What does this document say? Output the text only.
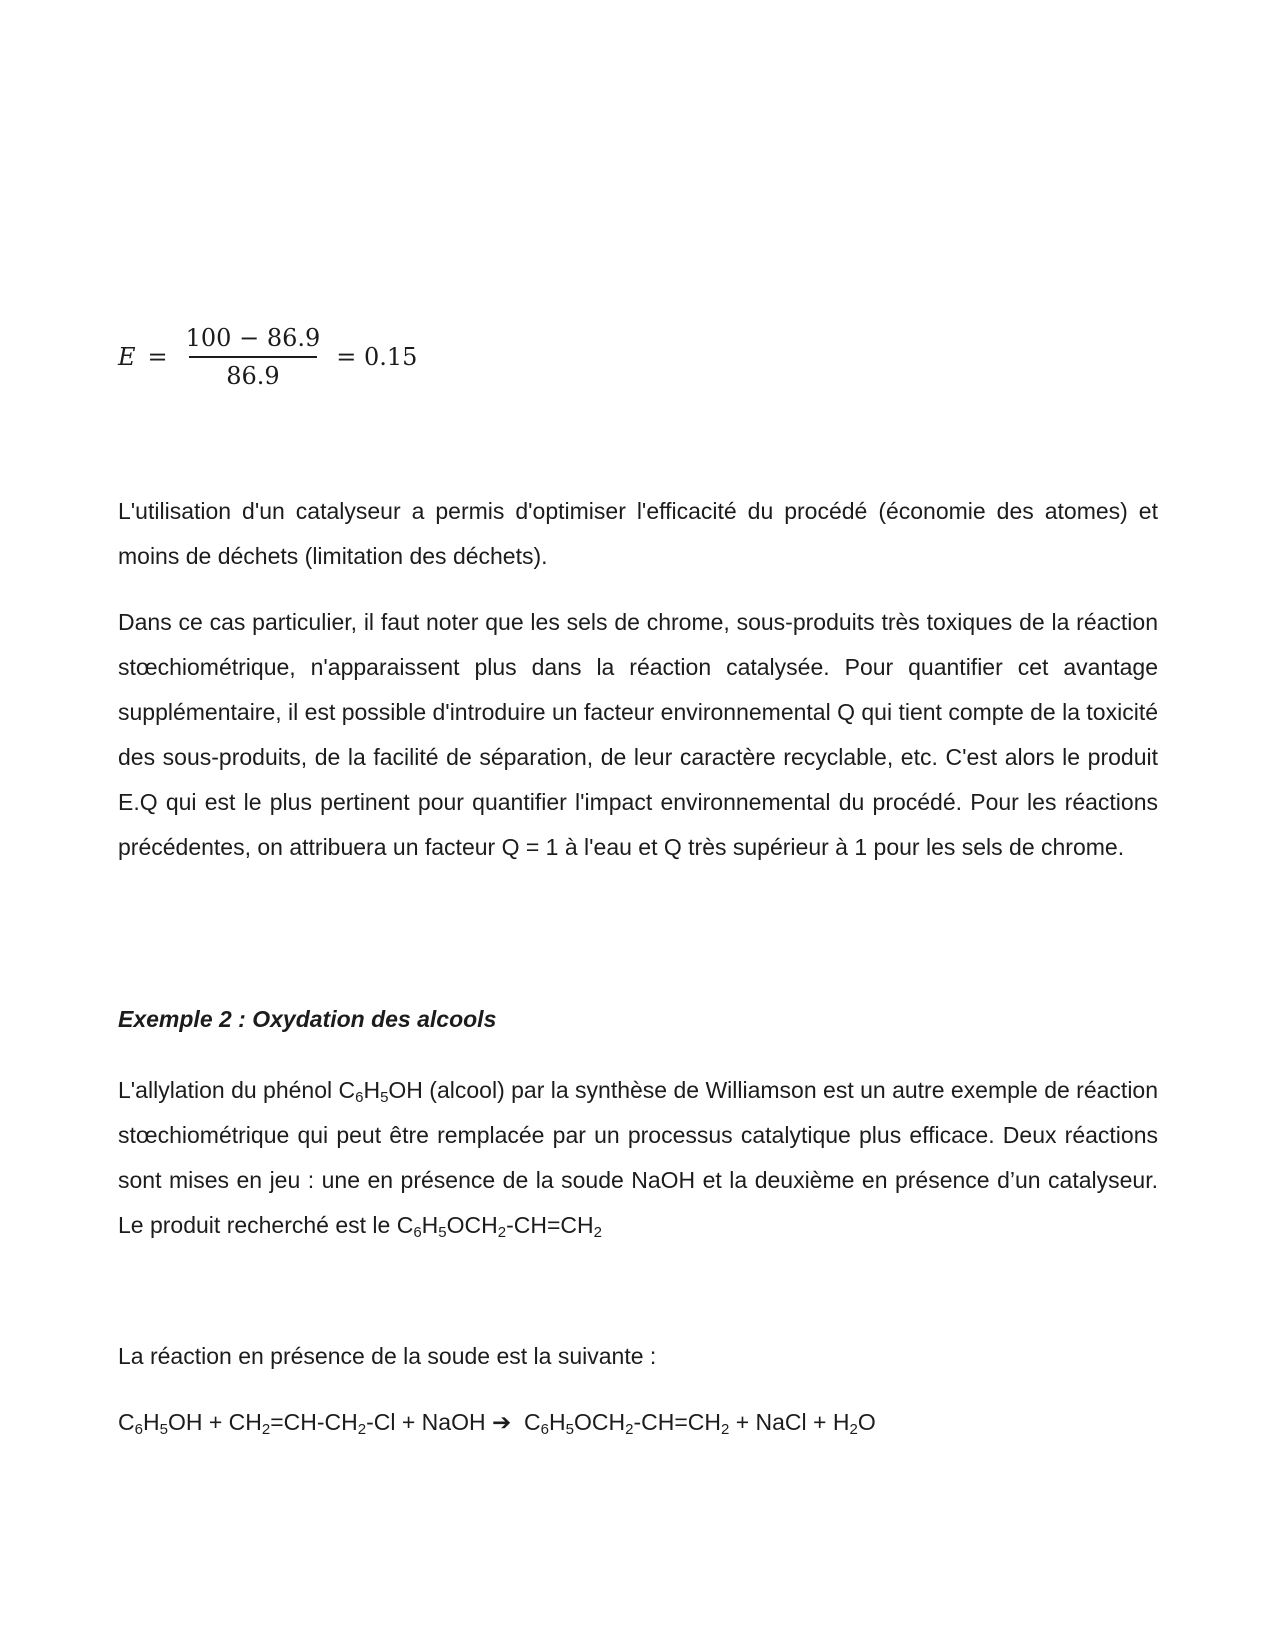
$E = \frac{100 - 86.9}{86.9} = 0.15$

L'utilisation d'un catalyseur a permis d'optimiser l'efficacité du procédé (économie des atomes) et moins de déchets (limitation des déchets).

Dans ce cas particulier, il faut noter que les sels de chrome, sous-produits très toxiques de la réaction stœchiométrique, n'apparaissent plus dans la réaction catalysée. Pour quantifier cet avantage supplémentaire, il est possible d'introduire un facteur environnemental Q qui tient compte de la toxicité des sous-produits, de la facilité de séparation, de leur caractère recyclable, etc. C'est alors le produit E.Q qui est le plus pertinent pour quantifier l'impact environnemental du procédé. Pour les réactions précédentes, on attribuera un facteur Q = 1 à l'eau et Q très supérieur à 1 pour les sels de chrome.

Exemple 2 : Oxydation des alcools

L'allylation du phénol $C_6H_5OH$ (alcool) par la synthèse de Williamson est un autre exemple de réaction stœchiométrique qui peut être remplacée par un processus catalytique plus efficace. Deux réactions sont mises en jeu : une en présence de la soude NaOH et la deuxième en présence d’un catalyseur. Le produit recherché est le $C_6H_5OCH_2-CH=CH_2$

La réaction en présence de la soude est la suivante :

$C_6H_5OH + CH_2=CH-CH_2-Cl$ + NaOH ➔  $C_6H_5OCH_2-CH=CH_2$ + NaCl + $H_2O$
